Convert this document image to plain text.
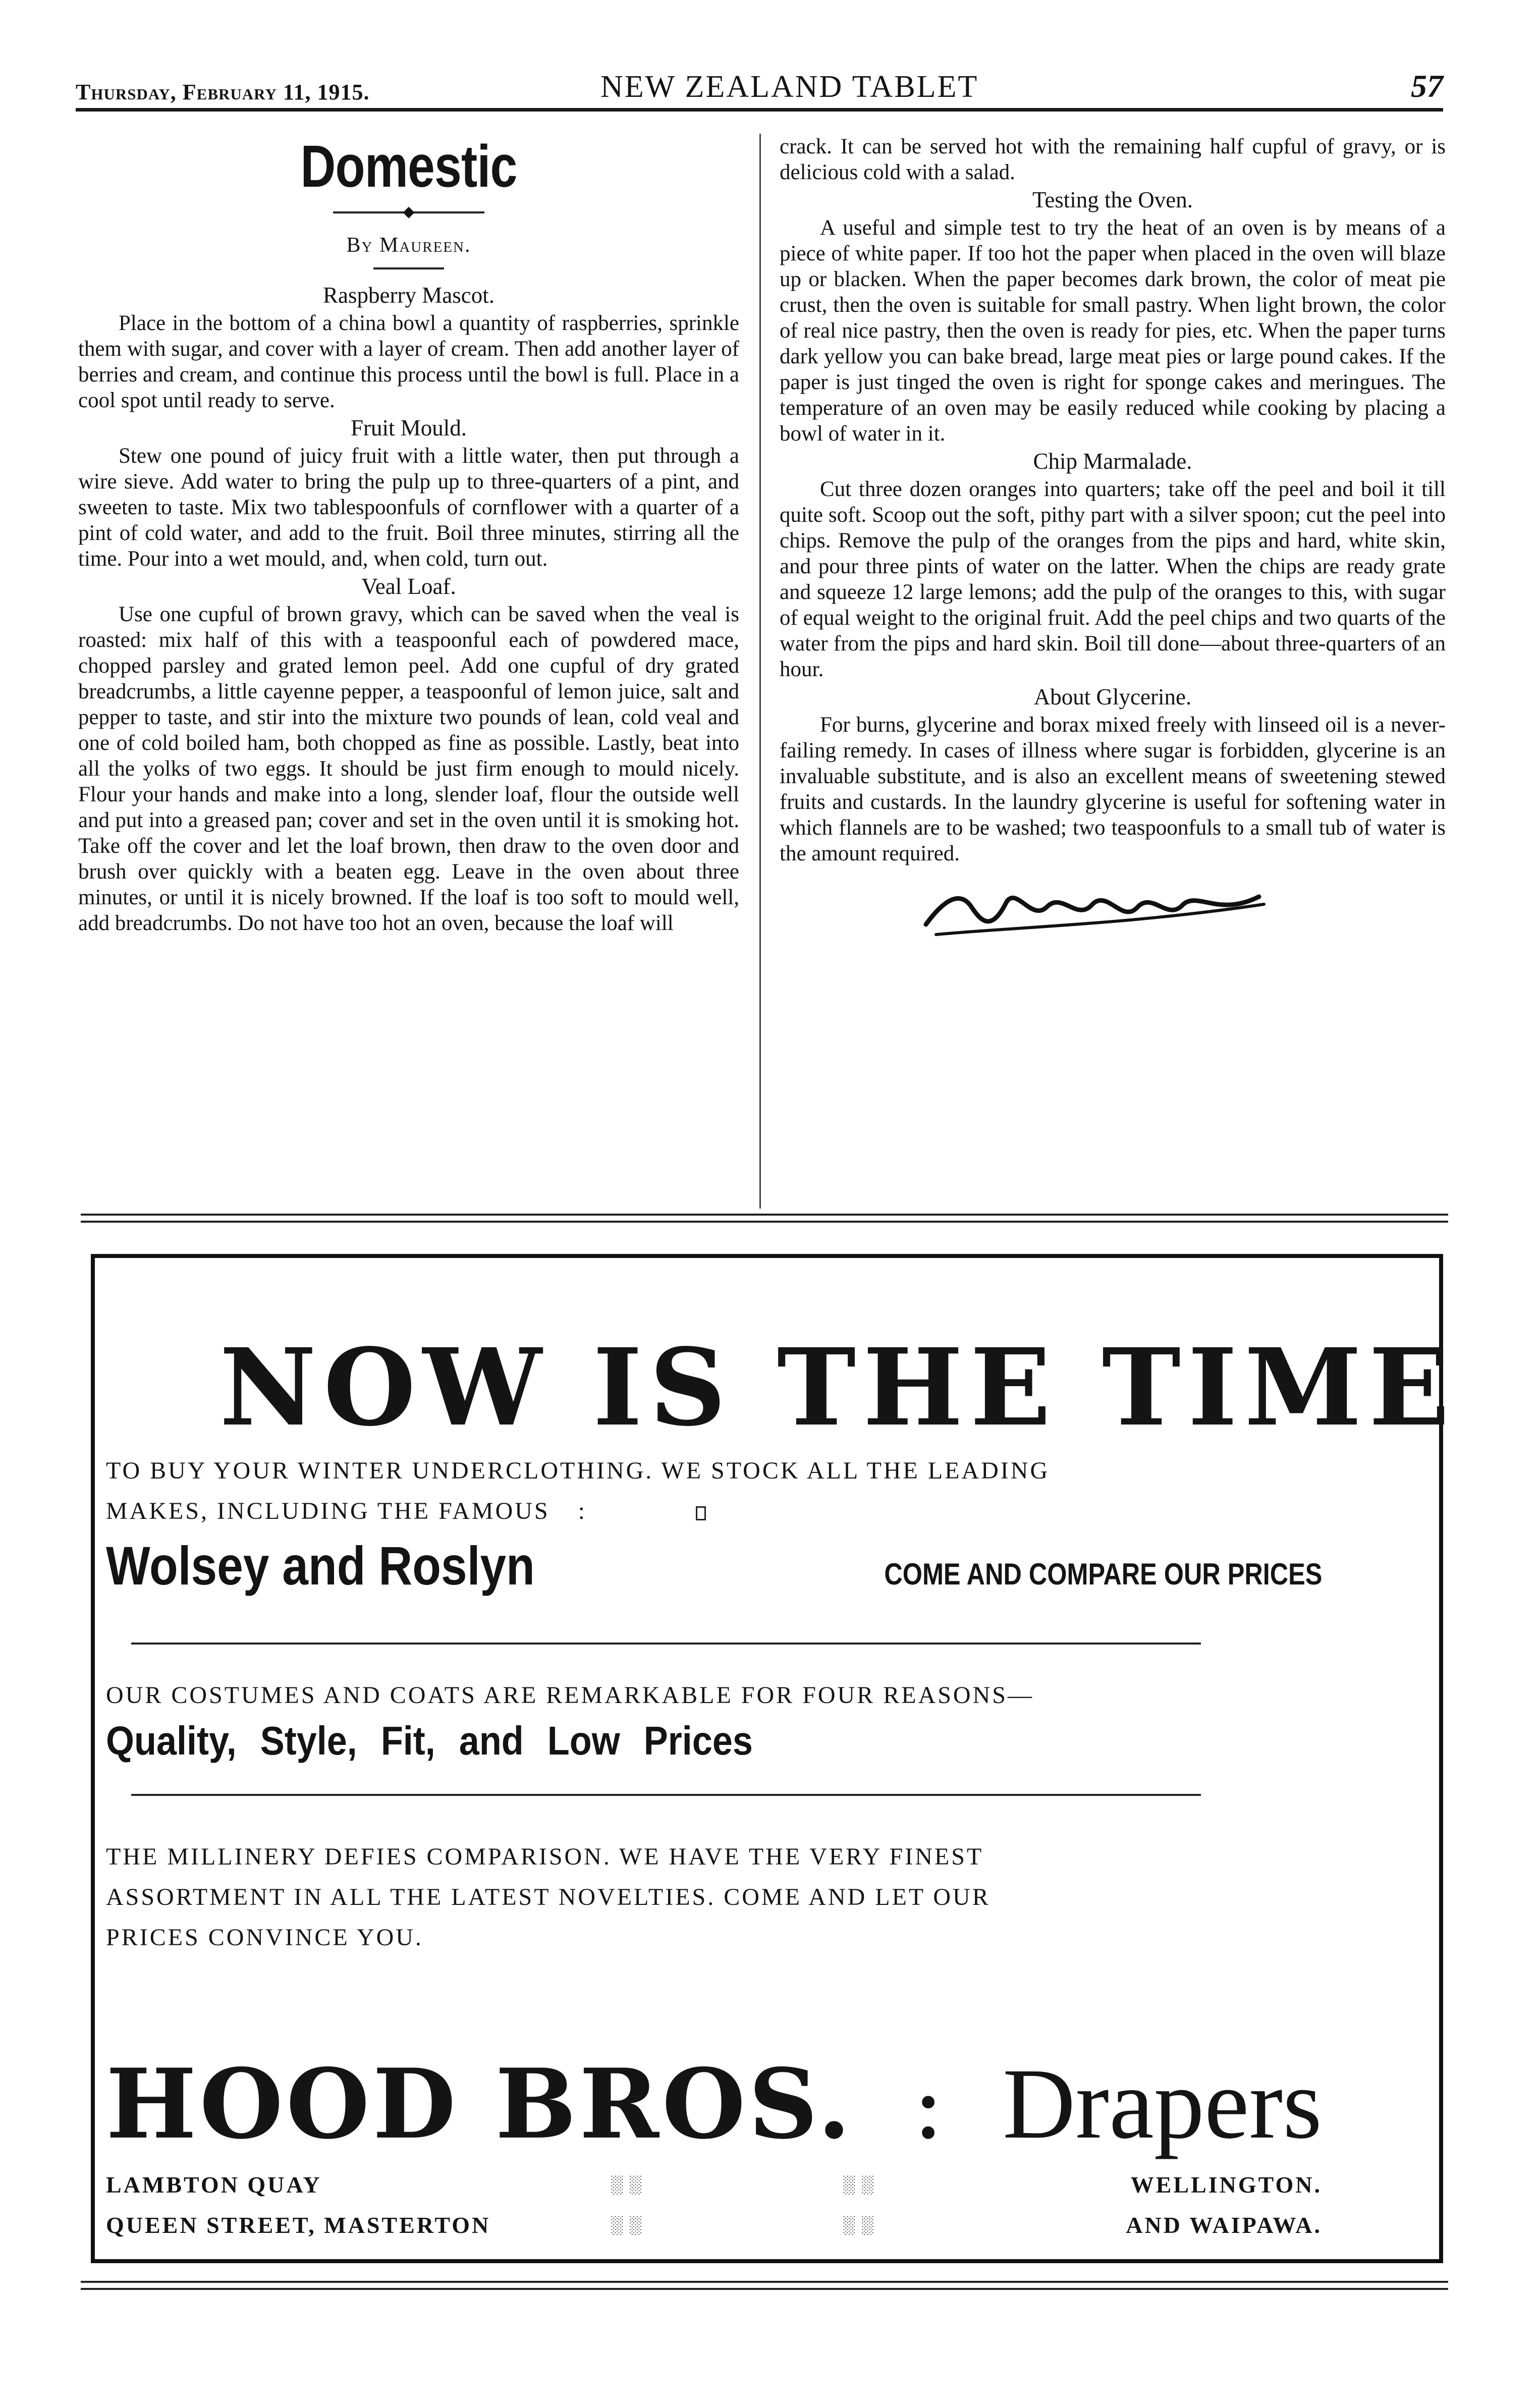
Thursday, February 11, 1915.	NEW ZEALAND TABLET	57
Domestic
◆
By Maureen.
Raspberry Mascot.

Place in the bottom of a china bowl a quantity of raspberries, sprinkle them with sugar, and cover with a layer of cream. Then add another layer of berries and cream, and continue this process until the bowl is full. Place in a cool spot until ready to serve.

Fruit Mould.

Stew one pound of juicy fruit with a little water, then put through a wire sieve. Add water to bring the pulp up to three-quarters of a pint, and sweeten to taste. Mix two tablespoonfuls of cornflower with a quarter of a pint of cold water, and add to the fruit. Boil three minutes, stirring all the time. Pour into a wet mould, and, when cold, turn out.

Veal Loaf.

Use one cupful of brown gravy, which can be saved when the veal is roasted: mix half of this with a teaspoonful each of powdered mace, chopped parsley and grated lemon peel. Add one cupful of dry grated breadcrumbs, a little cayenne pepper, a teaspoonful of lemon juice, salt and pepper to taste, and stir into the mixture two pounds of lean, cold veal and one of cold boiled ham, both chopped as fine as possible. Lastly, beat into all the yolks of two eggs. It should be just firm enough to mould nicely. Flour your hands and make into a long, slender loaf, flour the outside well and put into a greased pan; cover and set in the oven until it is smoking hot. Take off the cover and let the loaf brown, then draw to the oven door and brush over quickly with a beaten egg. Leave in the oven about three minutes, or until it is nicely browned. If the loaf is too soft to mould well, add breadcrumbs. Do not have too hot an oven, because the loaf will

crack. It can be served hot with the remaining half cupful of gravy, or is delicious cold with a salad.

Testing the Oven.

A useful and simple test to try the heat of an oven is by means of a piece of white paper. If too hot the paper when placed in the oven will blaze up or blacken. When the paper becomes dark brown, the color of meat pie crust, then the oven is suitable for small pastry. When light brown, the color of real nice pastry, then the oven is ready for pies, etc. When the paper turns dark yellow you can bake bread, large meat pies or large pound cakes. If the paper is just tinged the oven is right for sponge cakes and meringues. The temperature of an oven may be easily reduced while cooking by placing a bowl of water in it.

Chip Marmalade.

Cut three dozen oranges into quarters; take off the peel and boil it till quite soft. Scoop out the soft, pithy part with a silver spoon; cut the peel into chips. Remove the pulp of the oranges from the pips and hard, white skin, and pour three pints of water on the latter. When the chips are ready grate and squeeze 12 large lemons; add the pulp of the oranges to this, with sugar of equal weight to the original fruit. Add the peel chips and two quarts of the water from the pips and hard skin. Boil till done—about three-quarters of an hour.

About Glycerine.

For burns, glycerine and borax mixed freely with linseed oil is a never-failing remedy. In cases of illness where sugar is forbidden, glycerine is an invaluable substitute, and is also an excellent means of sweetening stewed fruits and custards. In the laundry glycerine is useful for softening water in which flannels are to be washed; two teaspoonfuls to a small tub of water is the amount required.

NOW IS THE TIME
TO BUY YOUR WINTER UNDERCLOTHING. WE STOCK ALL THE LEADING
MAKES, INCLUDING THE FAMOUS :
Wolsey and Roslyn	COME AND COMPARE OUR PRICES
OUR COSTUMES AND COATS ARE REMARKABLE FOR FOUR REASONS—
Quality, Style, Fit, and Low Prices
THE MILLINERY DEFIES COMPARISON. WE HAVE THE VERY FINEST
ASSORTMENT IN ALL THE LATEST NOVELTIES. COME AND LET OUR
PRICES CONVINCE YOU.
HOOD BROS. : Drapers
LAMBTON QUAY	░ ░	░ ░	WELLINGTON.
QUEEN STREET, MASTERTON	░ ░	░ ░	AND WAIPAWA.
